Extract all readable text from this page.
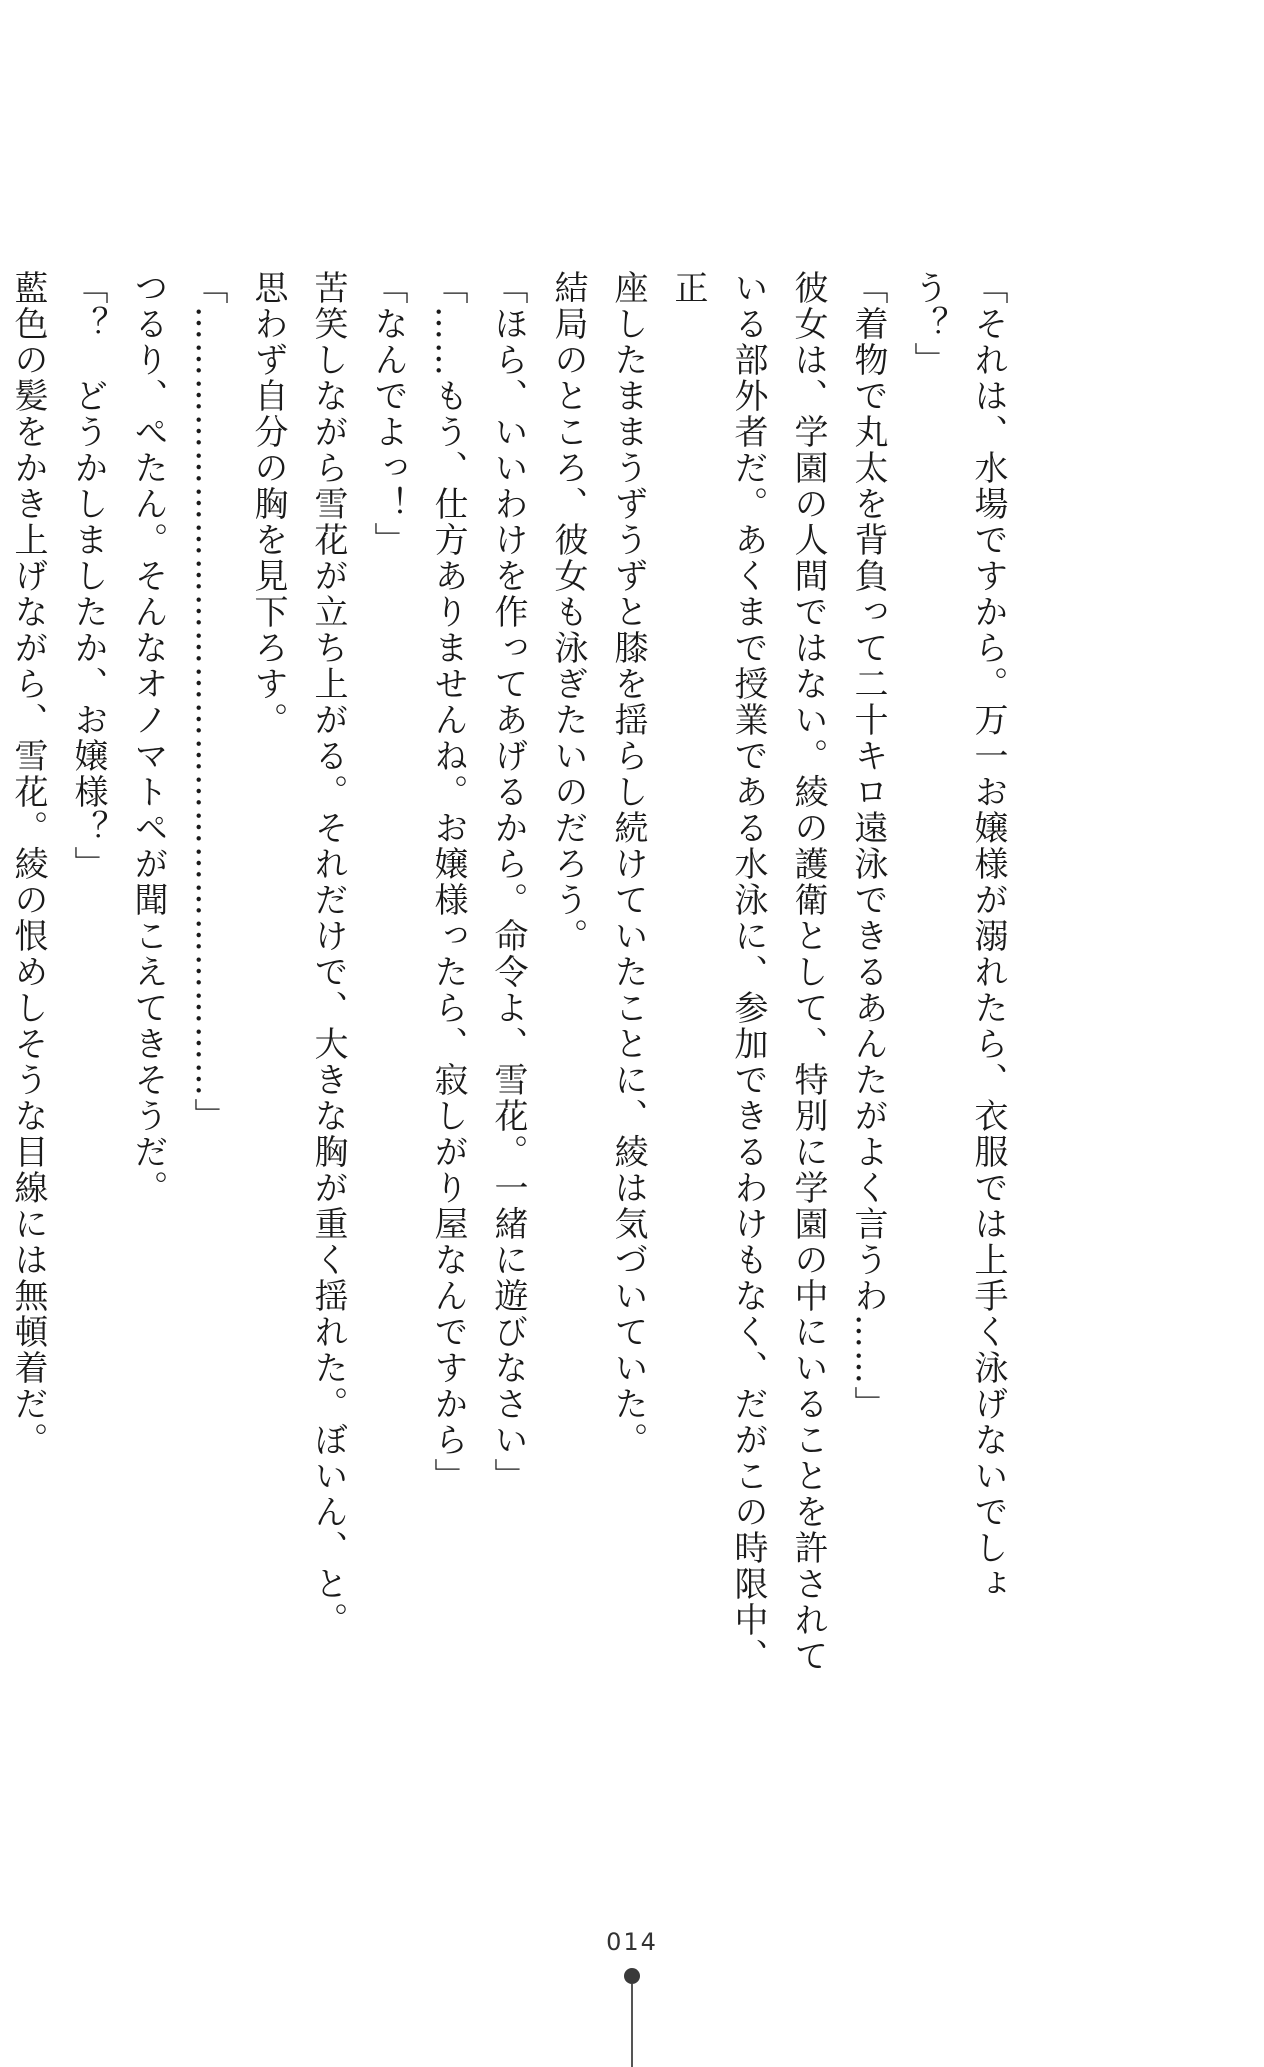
「それは、水場ですから。万一お嬢様が溺れたら、衣服では上手く泳げないでしょう？」

「着物で丸太を背負って二十キロ遠泳できるあんたがよく言うわ……」

彼女は、学園の人間ではない。綾の護衛として、特別に学園の中にいることを許されて

いる部外者だ。あくまで授業である水泳に、参加できるわけもなく、だがこの時限中、正

座したままうずうずと膝を揺らし続けていたことに、綾は気づいていた。

結局のところ、彼女も泳ぎたいのだろう。

「ほら、いいわけを作ってあげるから。命令よ、雪花。一緒に遊びなさい」

「……もう、仕方ありませんね。お嬢様ったら、寂しがり屋なんですから」

「なんでよっ！」

苦笑しながら雪花が立ち上がる。それだけで、大きな胸が重く揺れた。ぼいん、と。

思わず自分の胸を見下ろす。

「…………………………………………………………」

つるり、ぺたん。そんなオノマトペが聞こえてきそうだ。

「？　どうかしましたか、お嬢様？」

藍色の髪をかき上げながら、雪花。綾の恨めしそうな目線には無頓着だ。

014
